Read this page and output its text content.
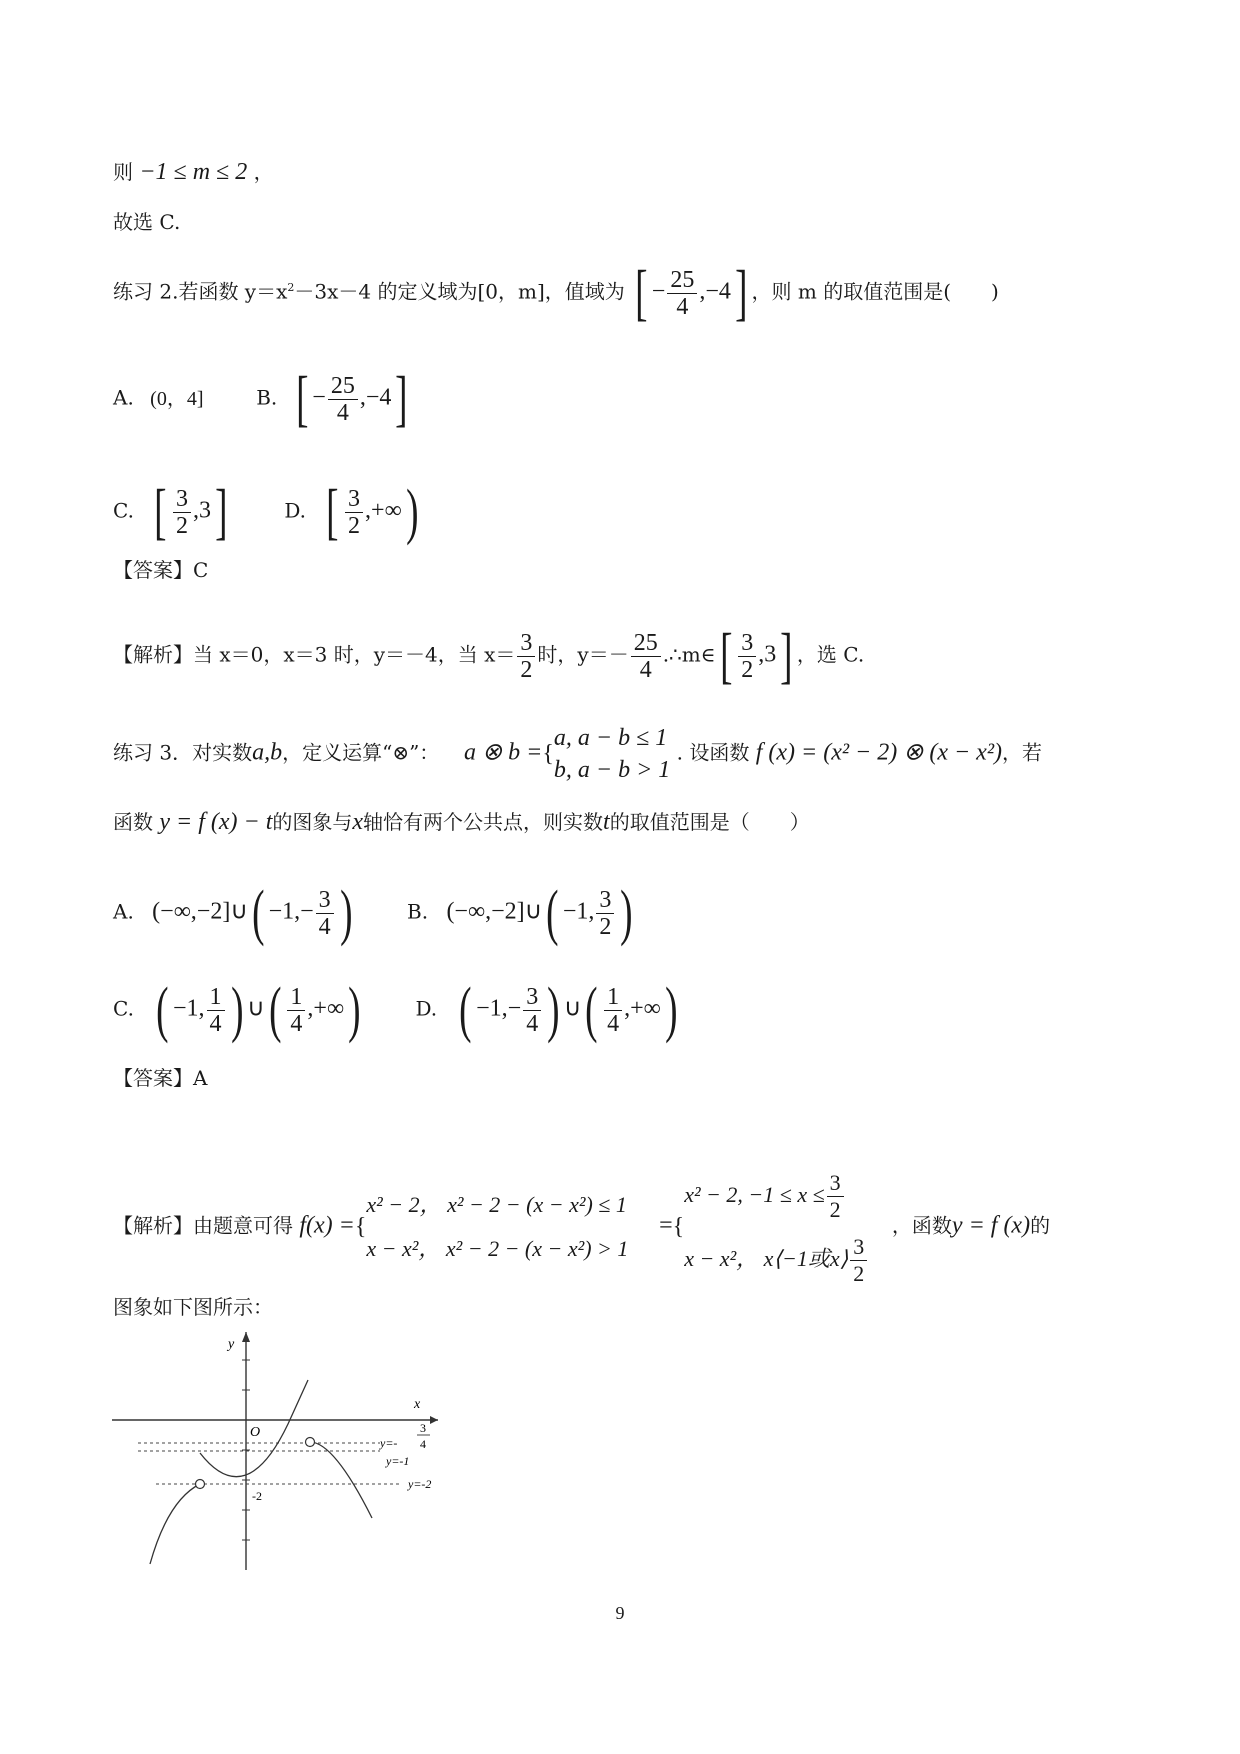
则 −1 ≤ m ≤ 2 ，
故选 C.
练习 2.若函数 $y=x^2-3x-4$ 的定义域为[0，m]，值域为 [ − $\frac{25}{4} ,-4$] ，则 m 的取值范围是(　　)
A. (0，4]	B. [ − $\frac{25}{4} ,-4$]
C. [ $\frac{3}{2} ,3$]	D. [ $\frac{3}{2}$ ,+∞)
【答案】C
【解析】当 x＝0，x＝3 时，y＝－4，当 $x= \frac{3}{2}$ 时，$y=- \frac{25}{4}$ .∴m∈[ $\frac{3}{2} ,3$] ，选 C.
练习 3．对实数a,b，定义运算“⊗”： a ⊗ b ={
a, a − b ≤ 1
b, a − b > 1
. 设函数 f (x) = (x² − 2) ⊗ (x − x²)，若
函数 y = f (x) − t的图象与x轴恰有两个公共点，则实数t的取值范围是（　　）
A. (−∞,−2]∪( $-1,- \frac{3}{4}$ )	B. (−∞,−2]∪( −1, $\frac{3}{2}$ )
C. ( −1, $\frac{1}{4}$ ) ∪( $\frac{1}{4}$ ,+∞)	D. ( $-1,- \frac{3}{4}$ ) ∪( $\frac{1}{4}$ ,+∞)
【答案】A
【解析】由题意可得 f(x) ={
x² − 2， x² − 2 − (x − x²) ≤ 1
x − x²， x² − 2 − (x − x²) > 1
={
x² − 2, $-1 \le x \le \frac{3}{2}$
x − x²， x⟨−1或x⟩ $\frac{3}{2}$
，函数y = f (x)的
图象如下图所示：
y
x
O
-2
y=-
3
4
y=-1
y=-2
9
